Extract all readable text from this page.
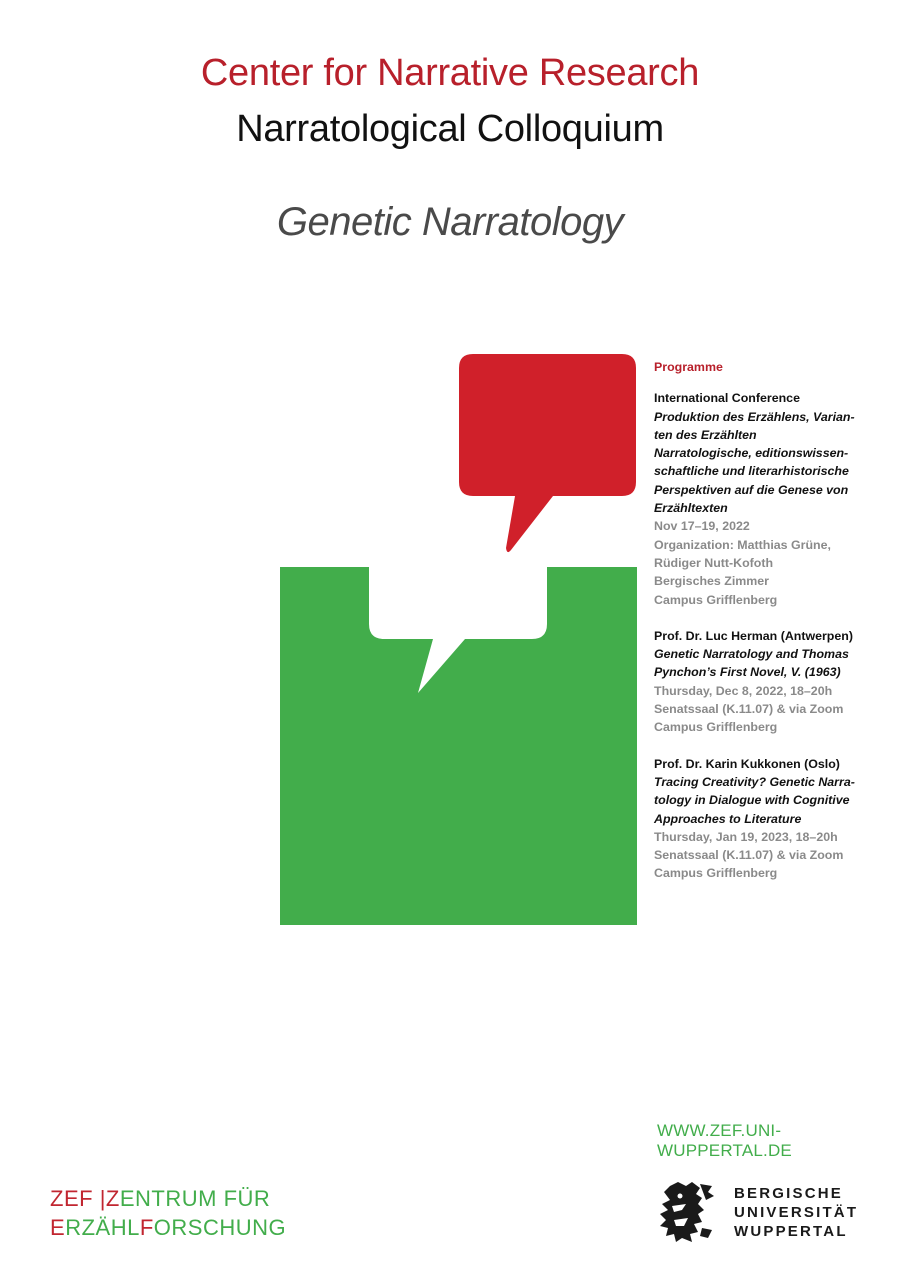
Center for Narrative Research
Narratological Colloquium
Genetic Narratology
Programme
International Conference
Produktion des Erzählens, Varian-
ten des Erzählten
Narratologische, editionswissen-
schaftliche und literarhistorische
Perspektiven auf die Genese von
Erzähltexten
Nov 17–19, 2022
Organization: Matthias Grüne,
Rüdiger Nutt-Kofoth
Bergisches Zimmer
Campus Grifflenberg
Prof. Dr. Luc Herman (Antwerpen)
Genetic Narratology and Thomas
Pynchon’s First Novel, V. (1963)
Thursday, Dec 8, 2022, 18–20h
Senatssaal (K.11.07) & via Zoom
Campus Grifflenberg
Prof. Dr. Karin Kukkonen (Oslo)
Tracing Creativity? Genetic Narra-
tology in Dialogue with Cognitive
Approaches to Literature
Thursday, Jan 19, 2023, 18–20h
Senatssaal (K.11.07) & via Zoom
Campus Grifflenberg
WWW.ZEF.UNI-WUPPERTAL.DE
ZEF |ZENTRUM FÜR
ERZÄHLFORSCHUNG
BERGISCHE
UNIVERSITÄT
WUPPERTAL
